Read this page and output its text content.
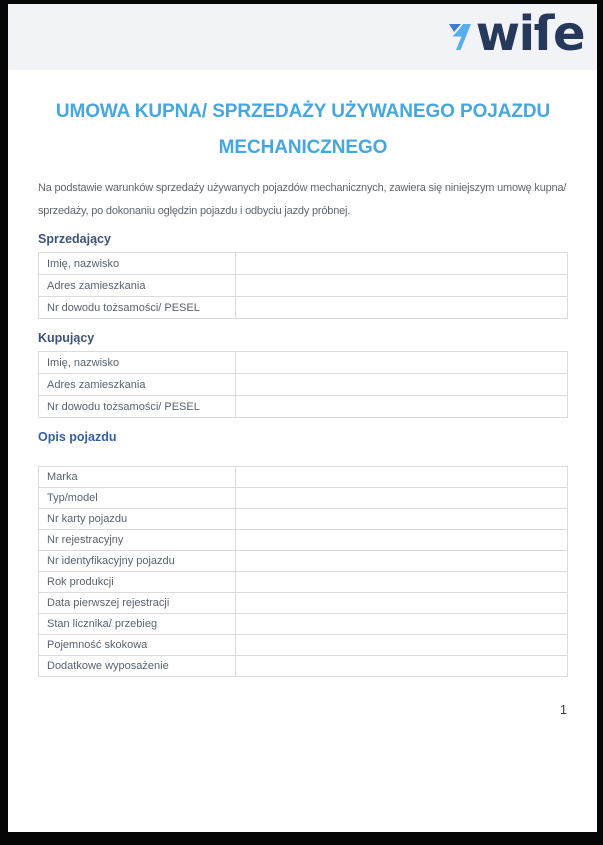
wiſe
UMOWA KUPNA/ SPRZEDAŻY UŻYWANEGO POJAZDU
MECHANICZNEGO
Na podstawie warunków sprzedaży używanych pojazdów mechanicznych, zawiera się niniejszym umowę kupna/
sprzedaży, po dokonaniu oględzin pojazdu i odbyciu jazdy próbnej.
Sprzedający
Imię, nazwisko	
Adres zamieszkania	
Nr dowodu tożsamości/ PESEL	
Kupujący
Imię, nazwisko	
Adres zamieszkania	
Nr dowodu tożsamości/ PESEL	
Opis pojazdu
Marka	
Typ/model	
Nr karty pojazdu	
Nr rejestracyjny	
Nr identyfikacyjny pojazdu	
Rok produkcji	
Data pierwszej rejestracji	
Stan licznika/ przebieg	
Pojemność skokowa	
Dodatkowe wyposażenie	
1
